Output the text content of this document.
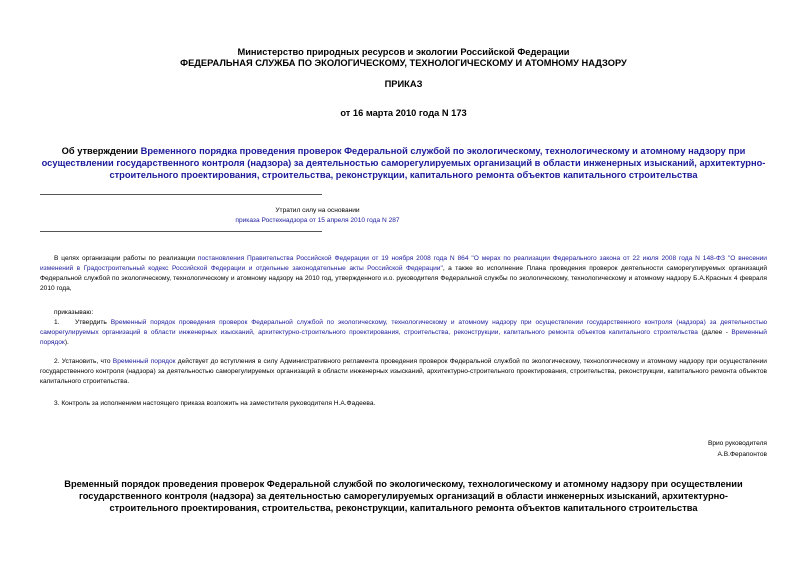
Министерство природных ресурсов и экологии Российской Федерации
ФЕДЕРАЛЬНАЯ СЛУЖБА ПО ЭКОЛОГИЧЕСКОМУ, ТЕХНОЛОГИЧЕСКОМУ И АТОМНОМУ НАДЗОРУ
ПРИКАЗ
от 16 марта 2010 года N 173
Об утверждении Временного порядка проведения проверок Федеральной службой по экологическому, технологическому и атомному надзору при осуществлении государственного контроля (надзора) за деятельностью саморегулируемых организаций в области инженерных изысканий, архитектурно-строительного проектирования, строительства, реконструкции, капитального ремонта объектов капитального строительства
Утратил силу на основании
приказа Ростехнадзора от 15 апреля 2010 года N 287
В целях организации работы по реализации постановления Правительства Российской Федерации от 19 ноября 2008 года N 864 "О мерах по реализации Федерального закона от 22 июля 2008 года N 148-ФЗ "О внесении изменений в Градостроительный кодекс Российской Федерации и отдельные законодательные акты Российской Федерации", а также во исполнение Плана проведения проверок деятельности саморегулируемых организаций Федеральной службой по экологическому, технологическому и атомному надзору на 2010 год, утвержденного и.о. руководителя Федеральной службы по экологическому, технологическому и атомному надзору Б.А.Красных 4 февраля 2010 года,
приказываю:
1. Утвердить Временный порядок проведения проверок Федеральной службой по экологическому, технологическому и атомному надзору при осуществлении государственного контроля (надзора) за деятельностью саморегулируемых организаций в области инженерных изысканий, архитектурно-строительного проектирования, строительства, реконструкции, капитального ремонта объектов капитального строительства (далее - Временный порядок).
2. Установить, что Временный порядок действует до вступления в силу Административного регламента проведения проверок Федеральной службой по экологическому, технологическому и атомному надзору при осуществлении государственного контроля (надзора) за деятельностью саморегулируемых организаций в области инженерных изысканий, архитектурно-строительного проектирования, строительства, реконструкции, капитального ремонта объектов капитального строительства.
3. Контроль за исполнением настоящего приказа возложить на заместителя руководителя Н.А.Фадеева.
Врио руководителя
А.В.Ферапонтов
Временный порядок проведения проверок Федеральной службой по экологическому, технологическому и атомному надзору при осуществлении государственного контроля (надзора) за деятельностью саморегулируемых организаций в области инженерных изысканий, архитектурно-строительного проектирования, строительства, реконструкции, капитального ремонта объектов капитального строительства
